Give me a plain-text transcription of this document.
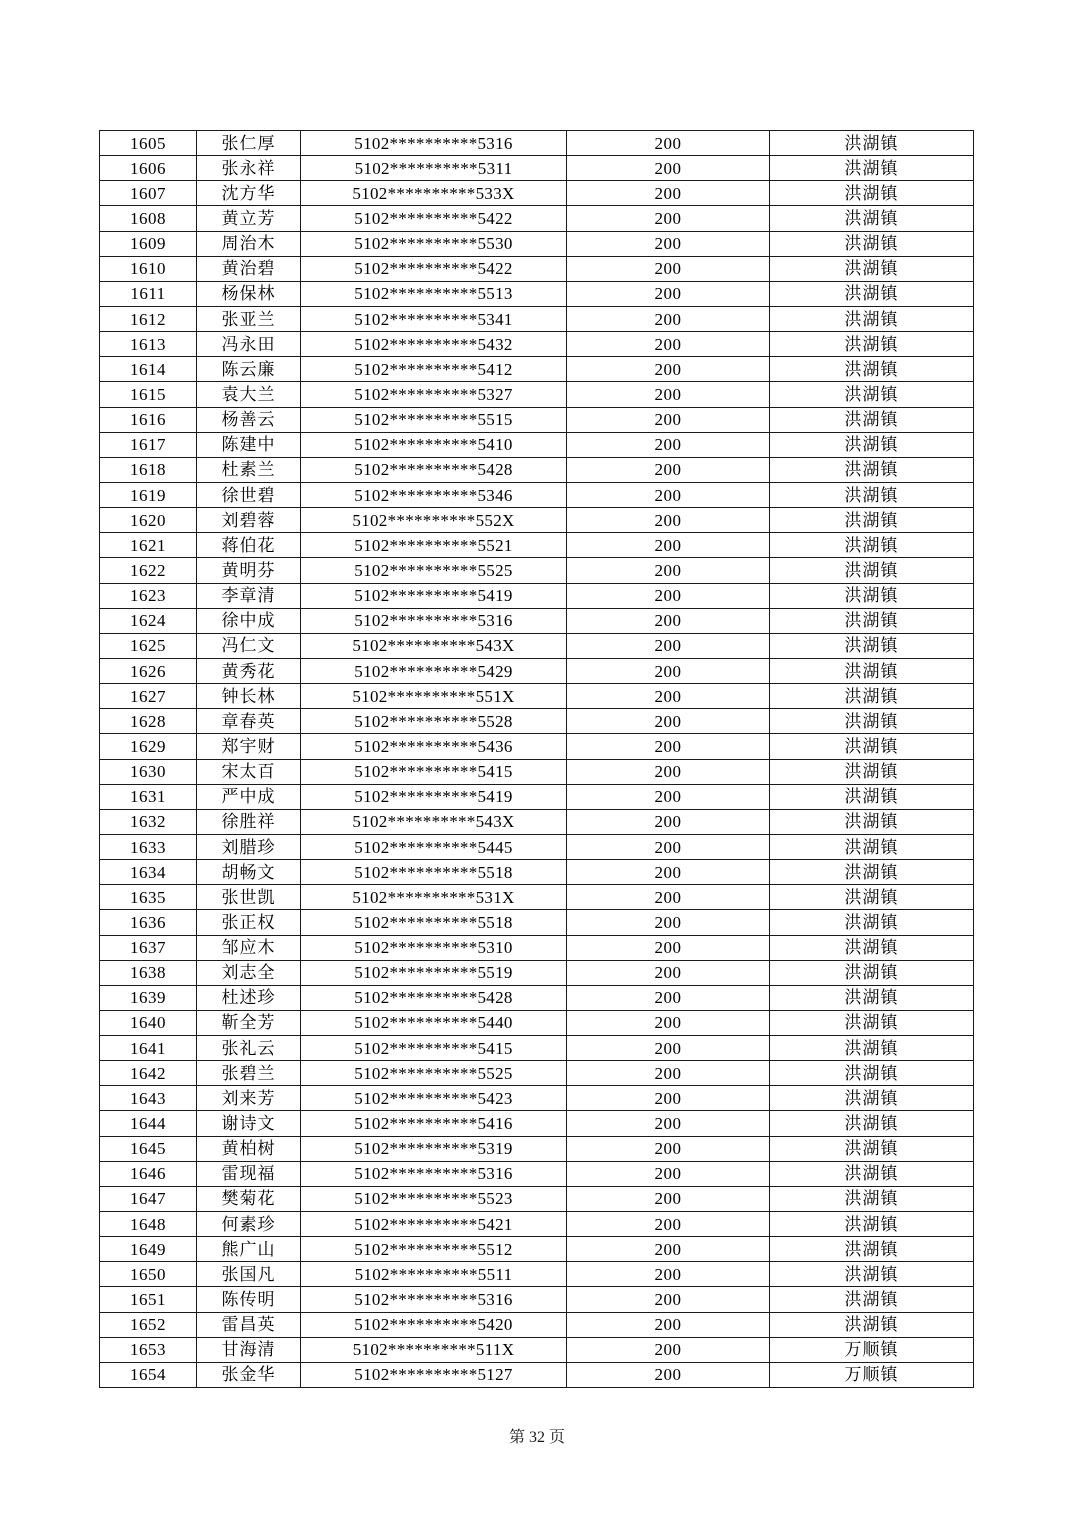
1605	张仁厚	5102**********5316	200	洪湖镇
1606	张永祥	5102**********5311	200	洪湖镇
1607	沈方华	5102**********533X	200	洪湖镇
1608	黄立芳	5102**********5422	200	洪湖镇
1609	周治木	5102**********5530	200	洪湖镇
1610	黄治碧	5102**********5422	200	洪湖镇
1611	杨保林	5102**********5513	200	洪湖镇
1612	张亚兰	5102**********5341	200	洪湖镇
1613	冯永田	5102**********5432	200	洪湖镇
1614	陈云廉	5102**********5412	200	洪湖镇
1615	袁大兰	5102**********5327	200	洪湖镇
1616	杨善云	5102**********5515	200	洪湖镇
1617	陈建中	5102**********5410	200	洪湖镇
1618	杜素兰	5102**********5428	200	洪湖镇
1619	徐世碧	5102**********5346	200	洪湖镇
1620	刘碧蓉	5102**********552X	200	洪湖镇
1621	蒋伯花	5102**********5521	200	洪湖镇
1622	黄明芬	5102**********5525	200	洪湖镇
1623	李章清	5102**********5419	200	洪湖镇
1624	徐中成	5102**********5316	200	洪湖镇
1625	冯仁文	5102**********543X	200	洪湖镇
1626	黄秀花	5102**********5429	200	洪湖镇
1627	钟长林	5102**********551X	200	洪湖镇
1628	章春英	5102**********5528	200	洪湖镇
1629	郑宇财	5102**********5436	200	洪湖镇
1630	宋太百	5102**********5415	200	洪湖镇
1631	严中成	5102**********5419	200	洪湖镇
1632	徐胜祥	5102**********543X	200	洪湖镇
1633	刘腊珍	5102**********5445	200	洪湖镇
1634	胡畅文	5102**********5518	200	洪湖镇
1635	张世凯	5102**********531X	200	洪湖镇
1636	张正权	5102**********5518	200	洪湖镇
1637	邹应木	5102**********5310	200	洪湖镇
1638	刘志全	5102**********5519	200	洪湖镇
1639	杜述珍	5102**********5428	200	洪湖镇
1640	靳全芳	5102**********5440	200	洪湖镇
1641	张礼云	5102**********5415	200	洪湖镇
1642	张碧兰	5102**********5525	200	洪湖镇
1643	刘来芳	5102**********5423	200	洪湖镇
1644	谢诗文	5102**********5416	200	洪湖镇
1645	黄柏树	5102**********5319	200	洪湖镇
1646	雷现福	5102**********5316	200	洪湖镇
1647	樊菊花	5102**********5523	200	洪湖镇
1648	何素珍	5102**********5421	200	洪湖镇
1649	熊广山	5102**********5512	200	洪湖镇
1650	张国凡	5102**********5511	200	洪湖镇
1651	陈传明	5102**********5316	200	洪湖镇
1652	雷昌英	5102**********5420	200	洪湖镇
1653	甘海清	5102**********511X	200	万顺镇
1654	张金华	5102**********5127	200	万顺镇
第 32 页
